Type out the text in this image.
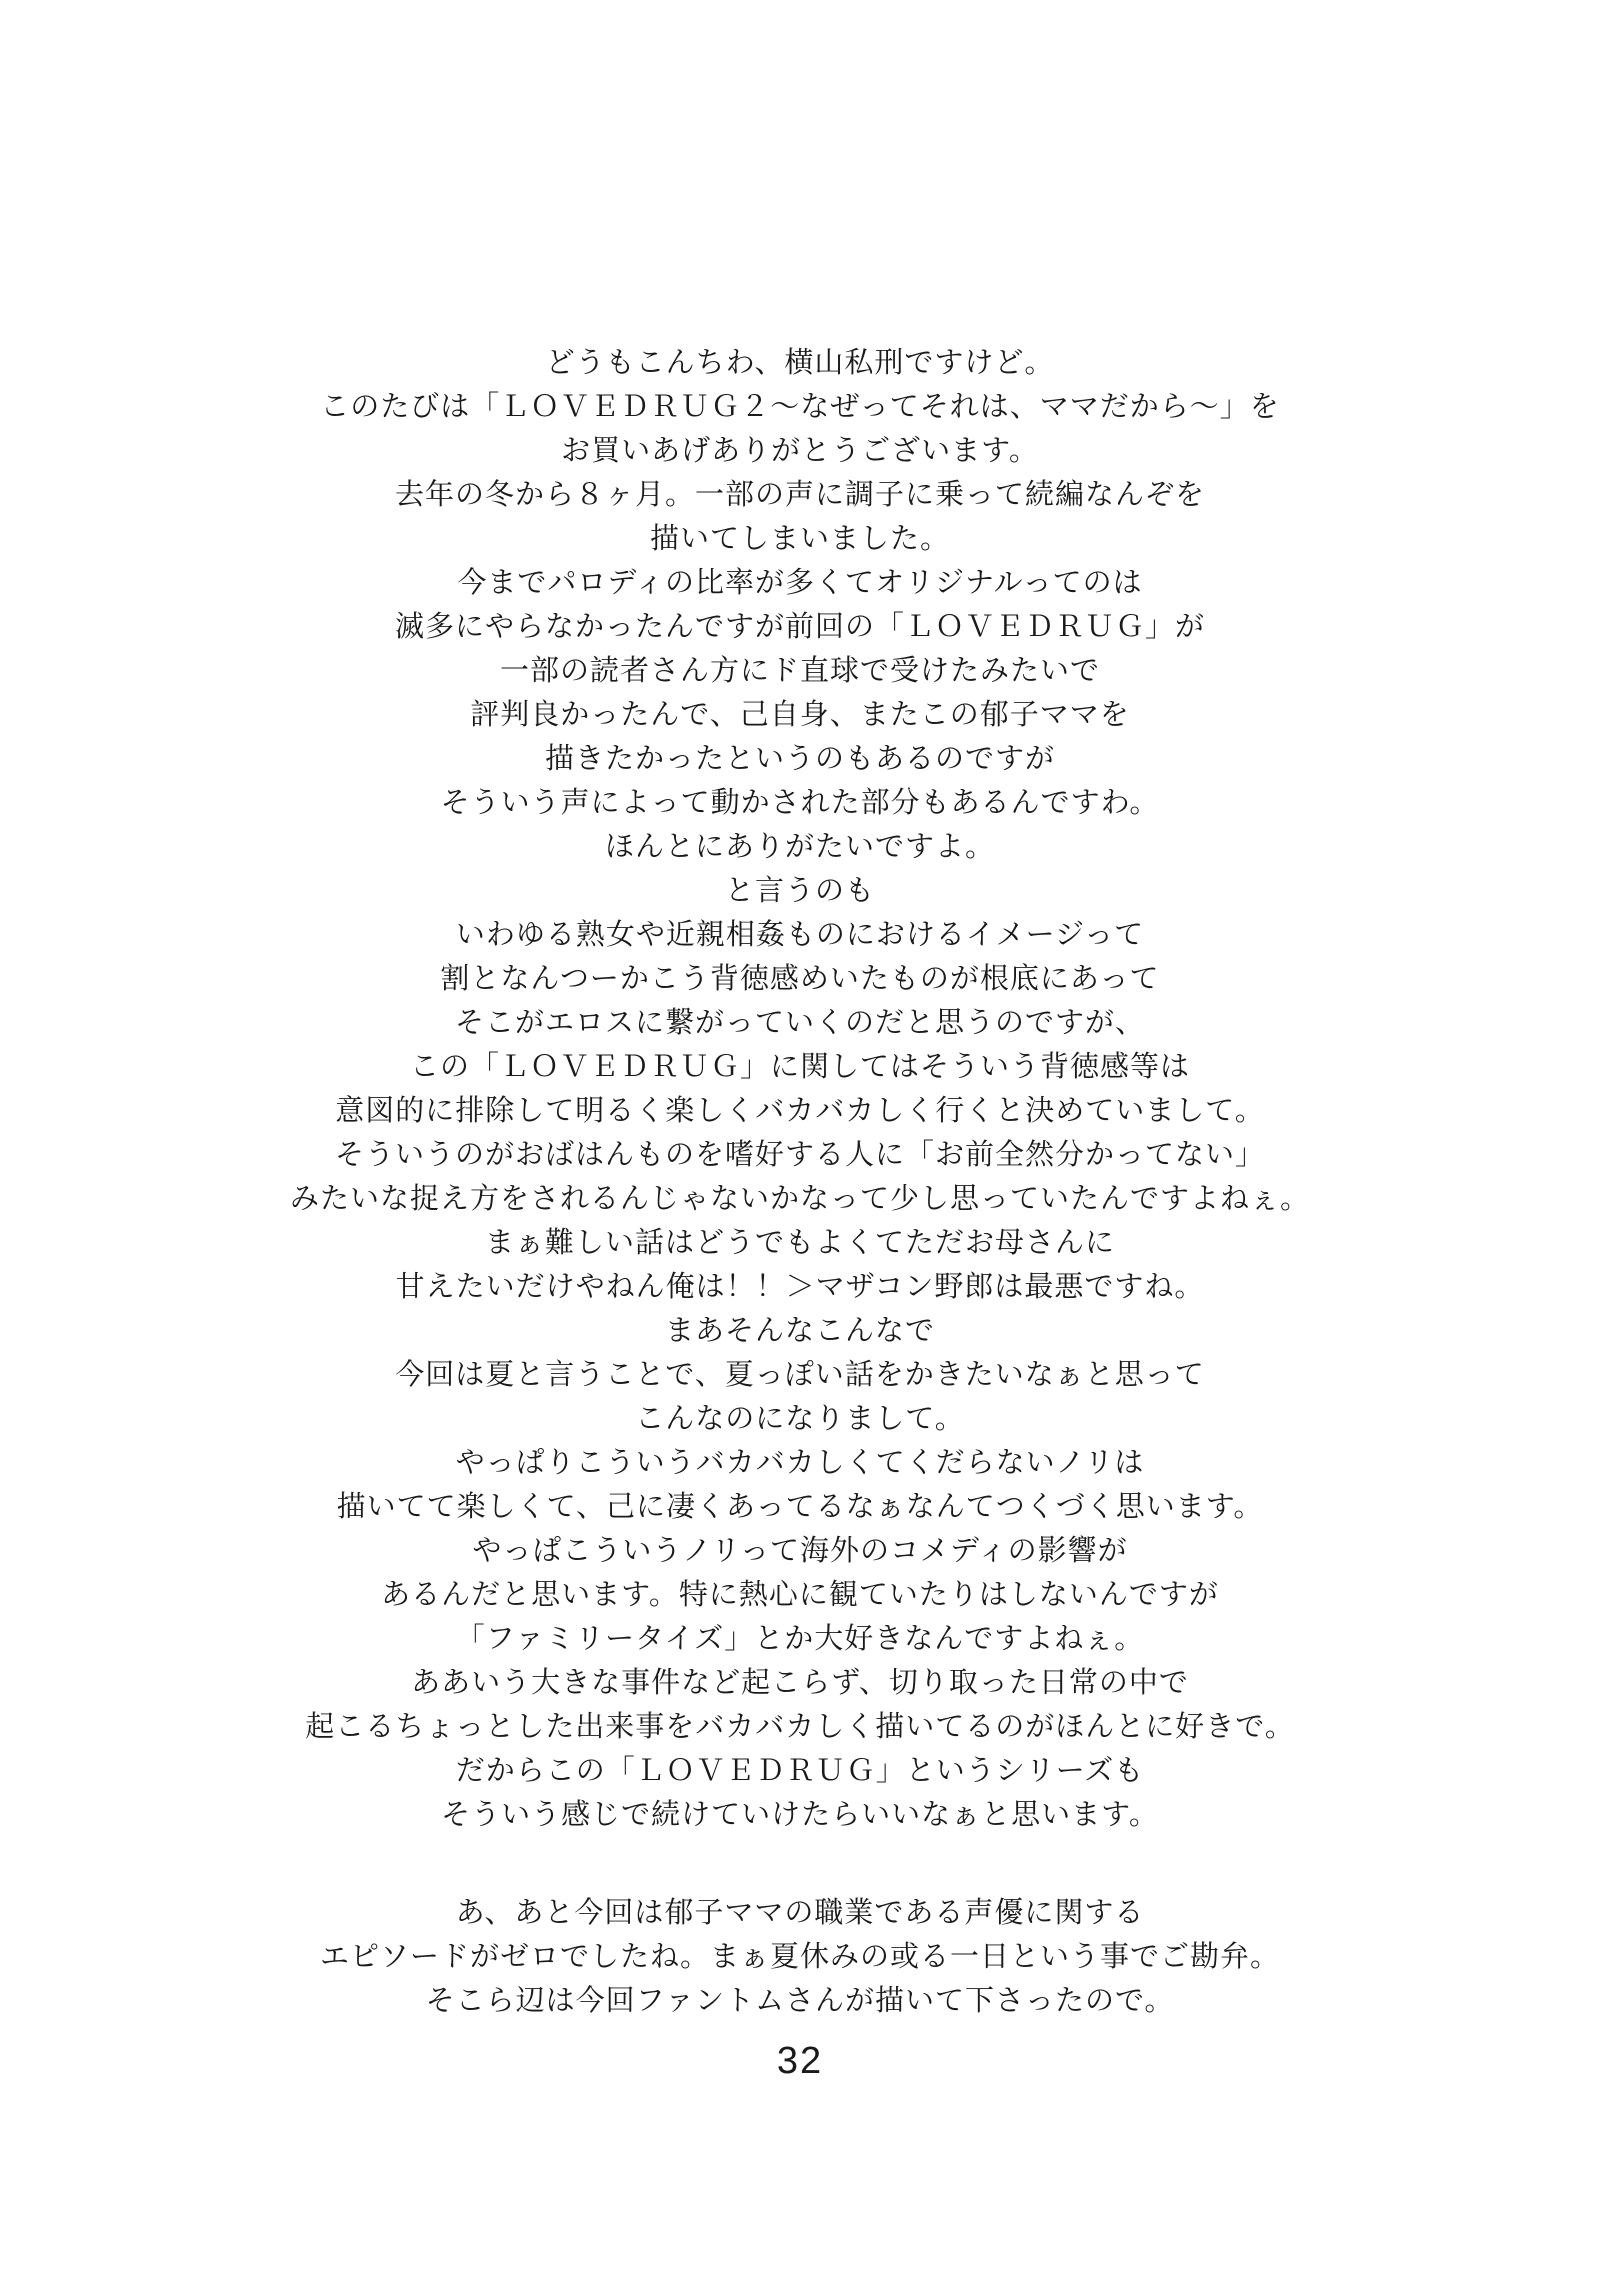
どうもこんちわ、横山私刑ですけど。
このたびは「ＬＯＶＥＤＲＵＧ２〜なぜってそれは、ママだから〜」を
お買いあげありがとうございます。
去年の冬から８ヶ月。一部の声に調子に乗って続編なんぞを
描いてしまいました。
今までパロディの比率が多くてオリジナルってのは
滅多にやらなかったんですが前回の「ＬＯＶＥＤＲＵＧ」が
一部の読者さん方にド直球で受けたみたいで
評判良かったんで、己自身、またこの郁子ママを
描きたかったというのもあるのですが
そういう声によって動かされた部分もあるんですわ。
ほんとにありがたいですよ。
と言うのも
いわゆる熟女や近親相姦ものにおけるイメージって
割となんつーかこう背徳感めいたものが根底にあって
そこがエロスに繋がっていくのだと思うのですが、
この「ＬＯＶＥＤＲＵＧ」に関してはそういう背徳感等は
意図的に排除して明るく楽しくバカバカしく行くと決めていまして。
そういうのがおばはんものを嗜好する人に「お前全然分かってない」
みたいな捉え方をされるんじゃないかなって少し思っていたんですよねぇ。
まぁ難しい話はどうでもよくてただお母さんに
甘えたいだけやねん俺は！！＞マザコン野郎は最悪ですね。
まあそんなこんなで
今回は夏と言うことで、夏っぽい話をかきたいなぁと思って
こんなのになりまして。
やっぱりこういうバカバカしくてくだらないノリは
描いてて楽しくて、己に凄くあってるなぁなんてつくづく思います。
やっぱこういうノリって海外のコメディの影響が
あるんだと思います。特に熱心に観ていたりはしないんですが
「ファミリータイズ」とか大好きなんですよねぇ。
ああいう大きな事件など起こらず、切り取った日常の中で
起こるちょっとした出来事をバカバカしく描いてるのがほんとに好きで。
だからこの「ＬＯＶＥＤＲＵＧ」というシリーズも
そういう感じで続けていけたらいいなぁと思います。
あ、あと今回は郁子ママの職業である声優に関する
エピソードがゼロでしたね。まぁ夏休みの或る一日という事でご勘弁。
そこら辺は今回ファントムさんが描いて下さったので。
32
